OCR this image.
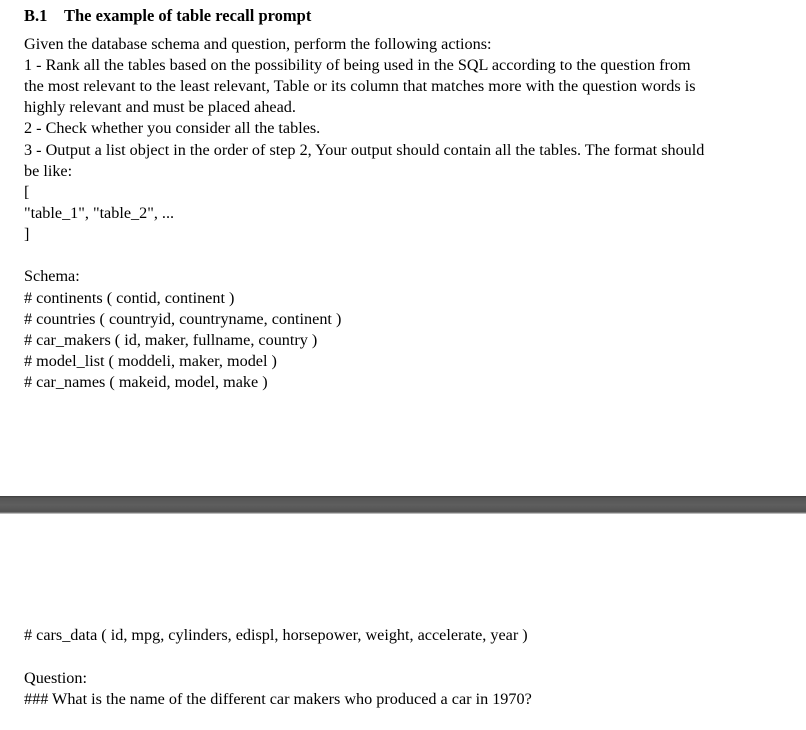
B.1 The example of table recall prompt
Given the database schema and question, perform the following actions:
1 - Rank all the tables based on the possibility of being used in the SQL according to the question from
the most relevant to the least relevant, Table or its column that matches more with the question words is
highly relevant and must be placed ahead.
2 - Check whether you consider all the tables.
3 - Output a list object in the order of step 2, Your output should contain all the tables. The format should
be like:
[
"table_1", "table_2", ...
]
Schema:
# continents ( contid, continent )
# countries ( countryid, countryname, continent )
# car_makers ( id, maker, fullname, country )
# model_list ( moddeli, maker, model )
# car_names ( makeid, model, make )
# cars_data ( id, mpg, cylinders, edispl, horsepower, weight, accelerate, year )
Question:
### What is the name of the different car makers who produced a car in 1970?
